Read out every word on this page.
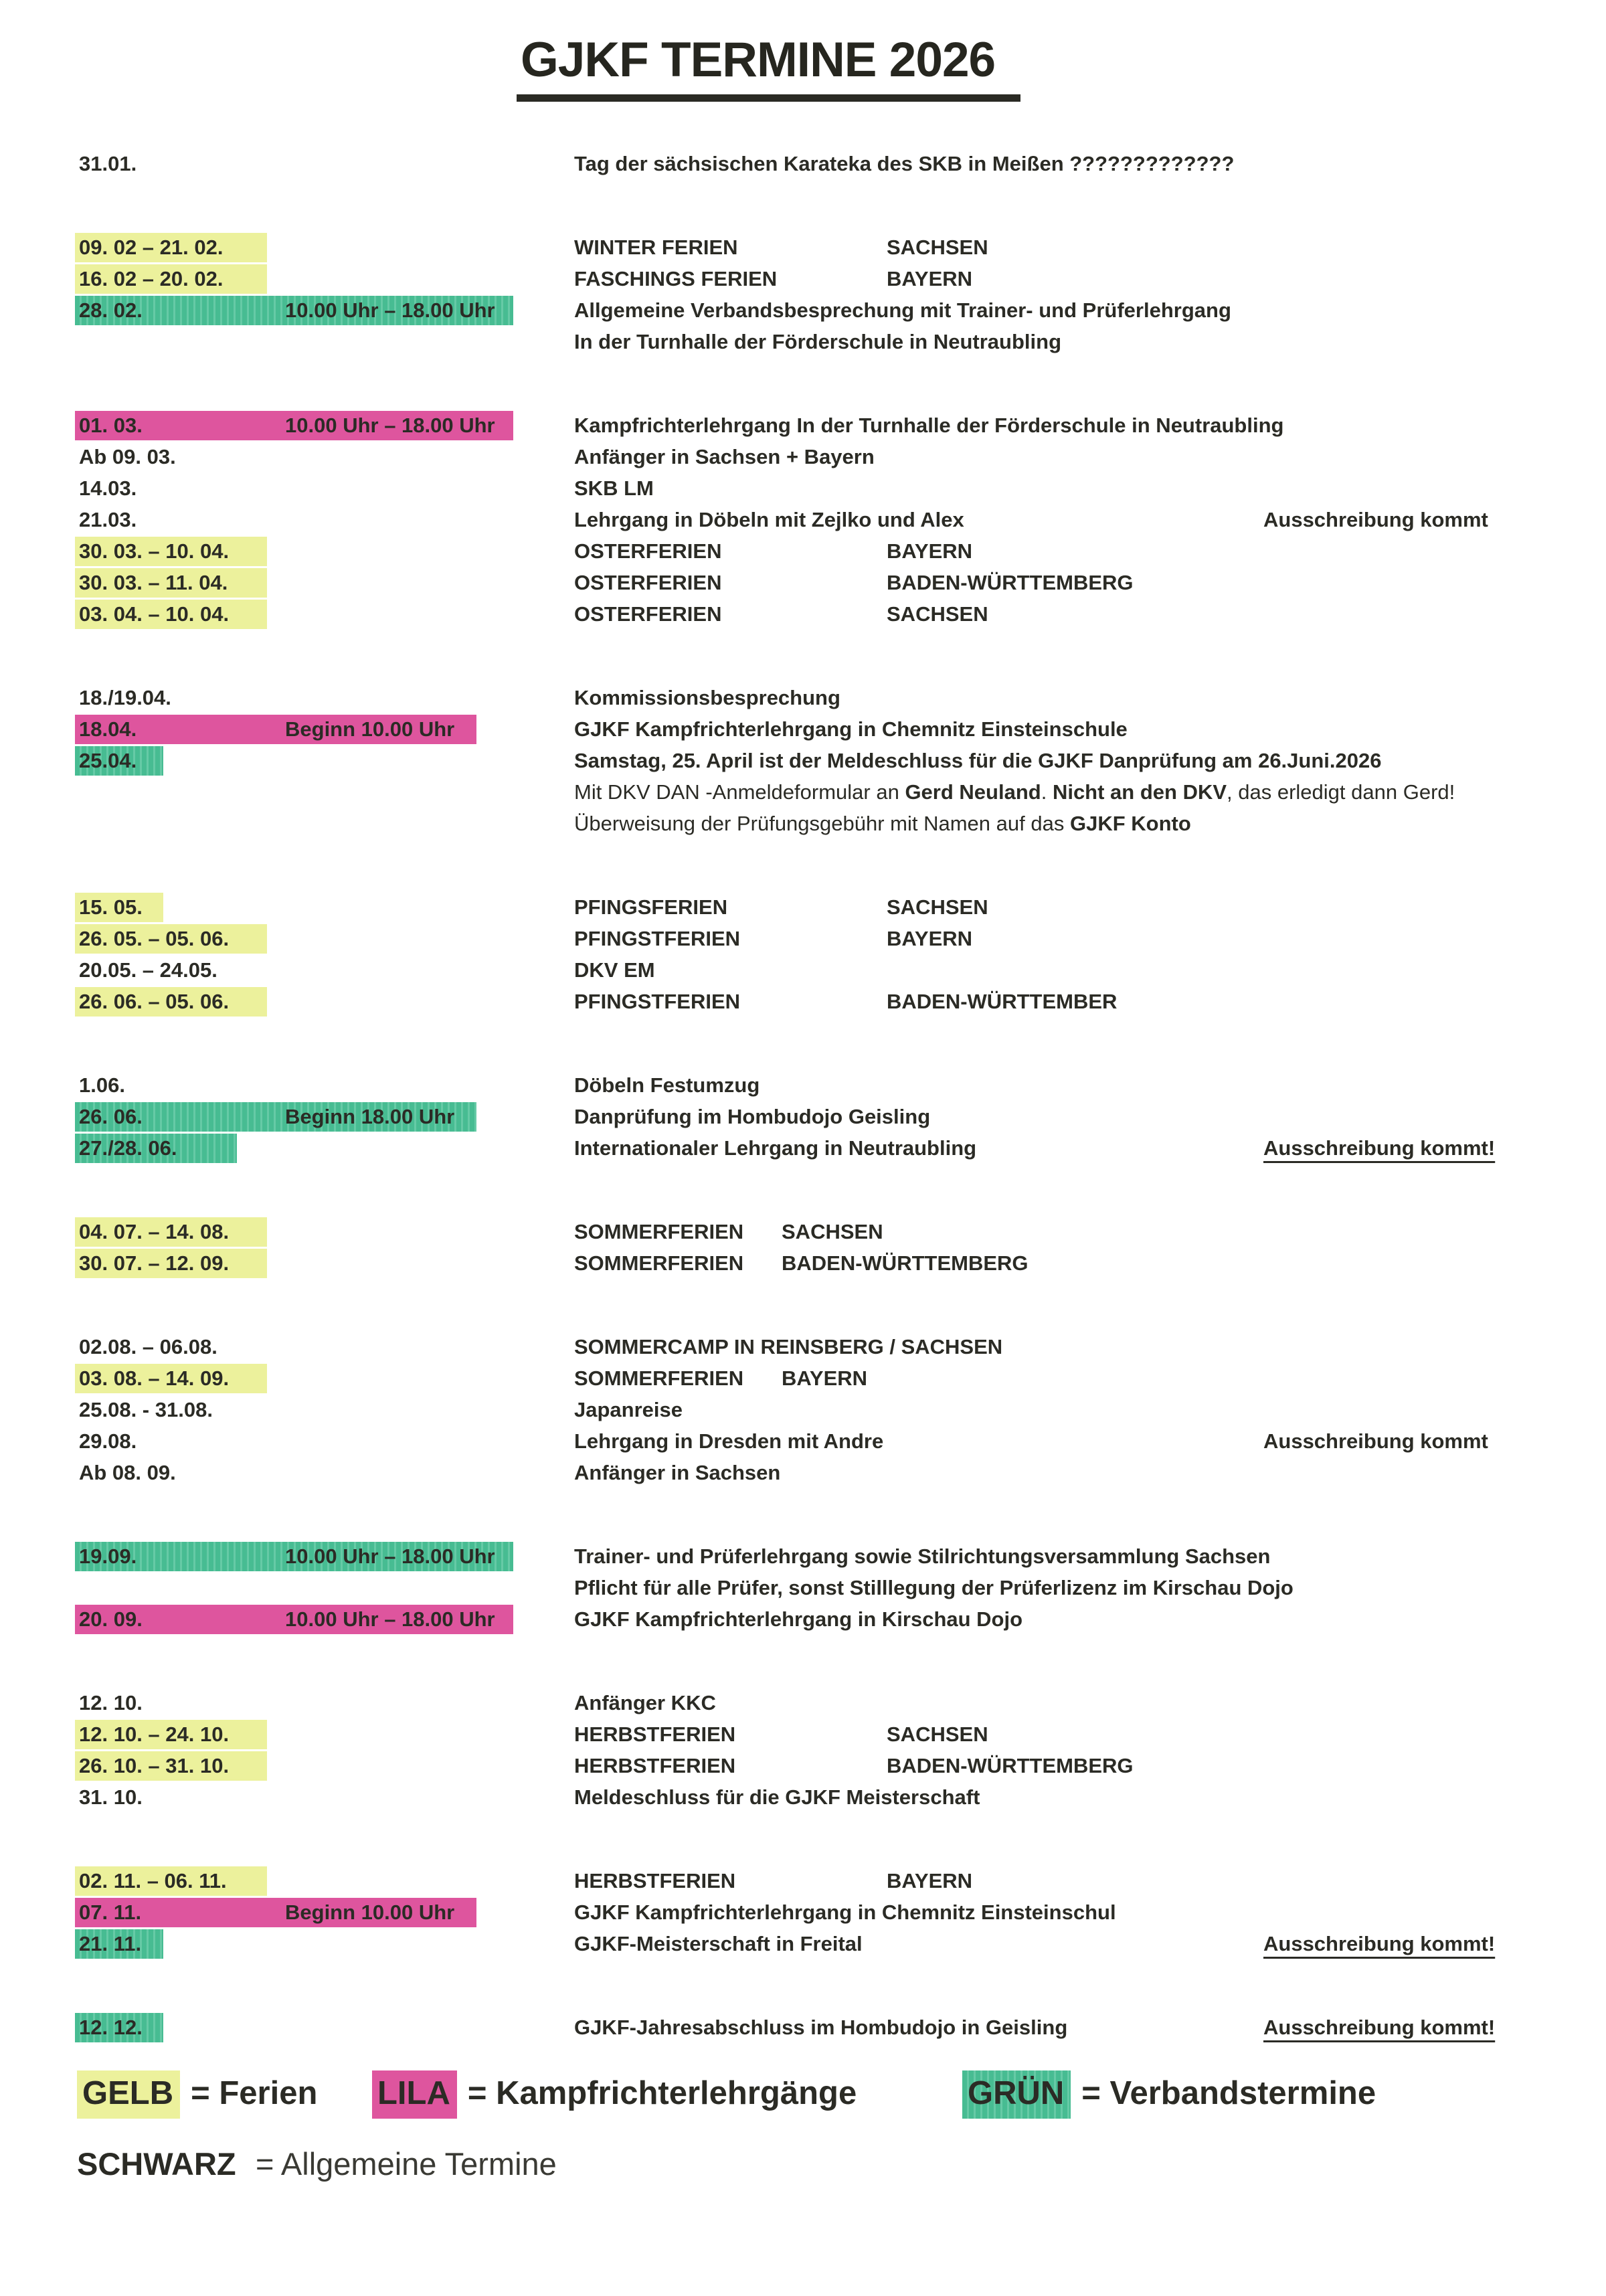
GJKF TERMINE 2026
31.01.	Tag der sächsischen Karateka des SKB in Meißen ?????????????
09. 02 – 21. 02.	WINTER FERIEN	SACHSEN
16. 02 – 20. 02.	FASCHINGS FERIEN	BAYERN
28. 02.	10.00 Uhr – 18.00 Uhr	Allgemeine Verbandsbesprechung mit Trainer- und Prüferlehrgang
In der Turnhalle der Förderschule in Neutraubling
01. 03.	10.00 Uhr – 18.00 Uhr	Kampfrichterlehrgang In der Turnhalle der Förderschule in Neutraubling
Ab 09. 03.	Anfänger in Sachsen + Bayern
14.03.	SKB LM
21.03.	Lehrgang in Döbeln mit Zejlko und Alex	Ausschreibung kommt
30. 03. – 10. 04.	OSTERFERIEN	BAYERN
30. 03. – 11. 04.	OSTERFERIEN	BADEN-WÜRTTEMBERG
03. 04. – 10. 04.	OSTERFERIEN	SACHSEN
18./19.04.	Kommissionsbesprechung
18.04.	Beginn 10.00 Uhr	GJKF Kampfrichterlehrgang in Chemnitz Einsteinschule
25.04.	Samstag, 25. April ist der Meldeschluss für die GJKF Danprüfung am 26.Juni.2026
Mit DKV DAN -Anmeldeformular an Gerd Neuland. Nicht an den DKV, das erledigt dann Gerd!
Überweisung der Prüfungsgebühr mit Namen auf das GJKF Konto
15. 05.	PFINGSFERIEN	SACHSEN
26. 05. – 05. 06.	PFINGSTFERIEN	BAYERN
20.05. – 24.05.	DKV EM
26. 06. – 05. 06.	PFINGSTFERIEN	BADEN-WÜRTTEMBER
1.06.	Döbeln Festumzug
26. 06.	Beginn 18.00 Uhr	Danprüfung im Hombudojo Geisling
27./28. 06.	Internationaler Lehrgang in Neutraubling	Ausschreibung kommt!
04. 07. – 14. 08.	SOMMERFERIEN SACHSEN
30. 07. – 12. 09.	SOMMERFERIEN BADEN-WÜRTTEMBERG
02.08. – 06.08.	SOMMERCAMP IN REINSBERG / SACHSEN
03. 08. – 14. 09.	SOMMERFERIEN BAYERN
25.08. - 31.08.	Japanreise
29.08.	Lehrgang in Dresden mit Andre	Ausschreibung kommt
Ab 08. 09.	Anfänger in Sachsen
19.09.	10.00 Uhr – 18.00 Uhr	Trainer- und Prüferlehrgang sowie Stilrichtungsversammlung Sachsen
Pflicht für alle Prüfer, sonst Stilllegung der Prüferlizenz im Kirschau Dojo
20. 09.	10.00 Uhr – 18.00 Uhr	GJKF Kampfrichterlehrgang in Kirschau Dojo
12. 10.	Anfänger KKC
12. 10. – 24. 10.	HERBSTFERIEN	SACHSEN
26. 10. – 31. 10.	HERBSTFERIEN	BADEN-WÜRTTEMBERG
31. 10.	Meldeschluss für die GJKF Meisterschaft
02. 11. – 06. 11.	HERBSTFERIEN	BAYERN
07. 11.	Beginn 10.00 Uhr	GJKF Kampfrichterlehrgang in Chemnitz Einsteinschul
21. 11.	GJKF-Meisterschaft in Freital	Ausschreibung kommt!
12. 12.	GJKF-Jahresabschluss im Hombudojo in Geisling	Ausschreibung kommt!
GELB = Ferien LILA = Kampfrichterlehrgänge	GRÜN = Verbandstermine
SCHWARZ = Allgemeine Termine
